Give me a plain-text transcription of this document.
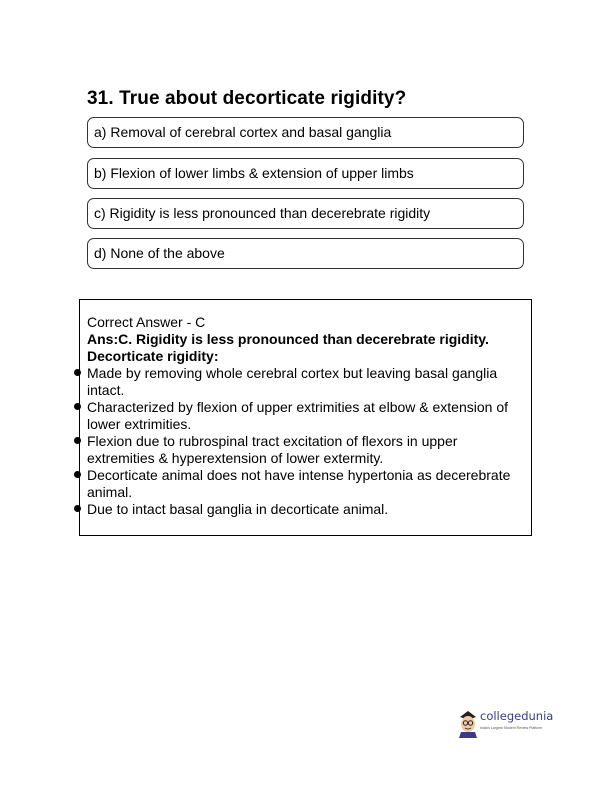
31. True about decorticate rigidity?
a) Removal of cerebral cortex and basal ganglia
b) Flexion of lower limbs & extension of upper limbs
c) Rigidity is less pronounced than decerebrate rigidity
d) None of the above
Correct Answer - C
Ans:C. Rigidity is less pronounced than decerebrate rigidity.
Decorticate rigidity:
Made by removing whole cerebral cortex but leaving basal ganglia
intact.
Characterized by flexion of upper extrimities at elbow & extension of
lower extrimities.
Flexion due to rubrospinal tract excitation of flexors in upper
extremities & hyperextension of lower extermity.
Decorticate animal does not have intense hypertonia as decerebrate
animal.
Due to intact basal ganglia in decorticate animal.
collegedunia
India's Largest Student Review Platform
